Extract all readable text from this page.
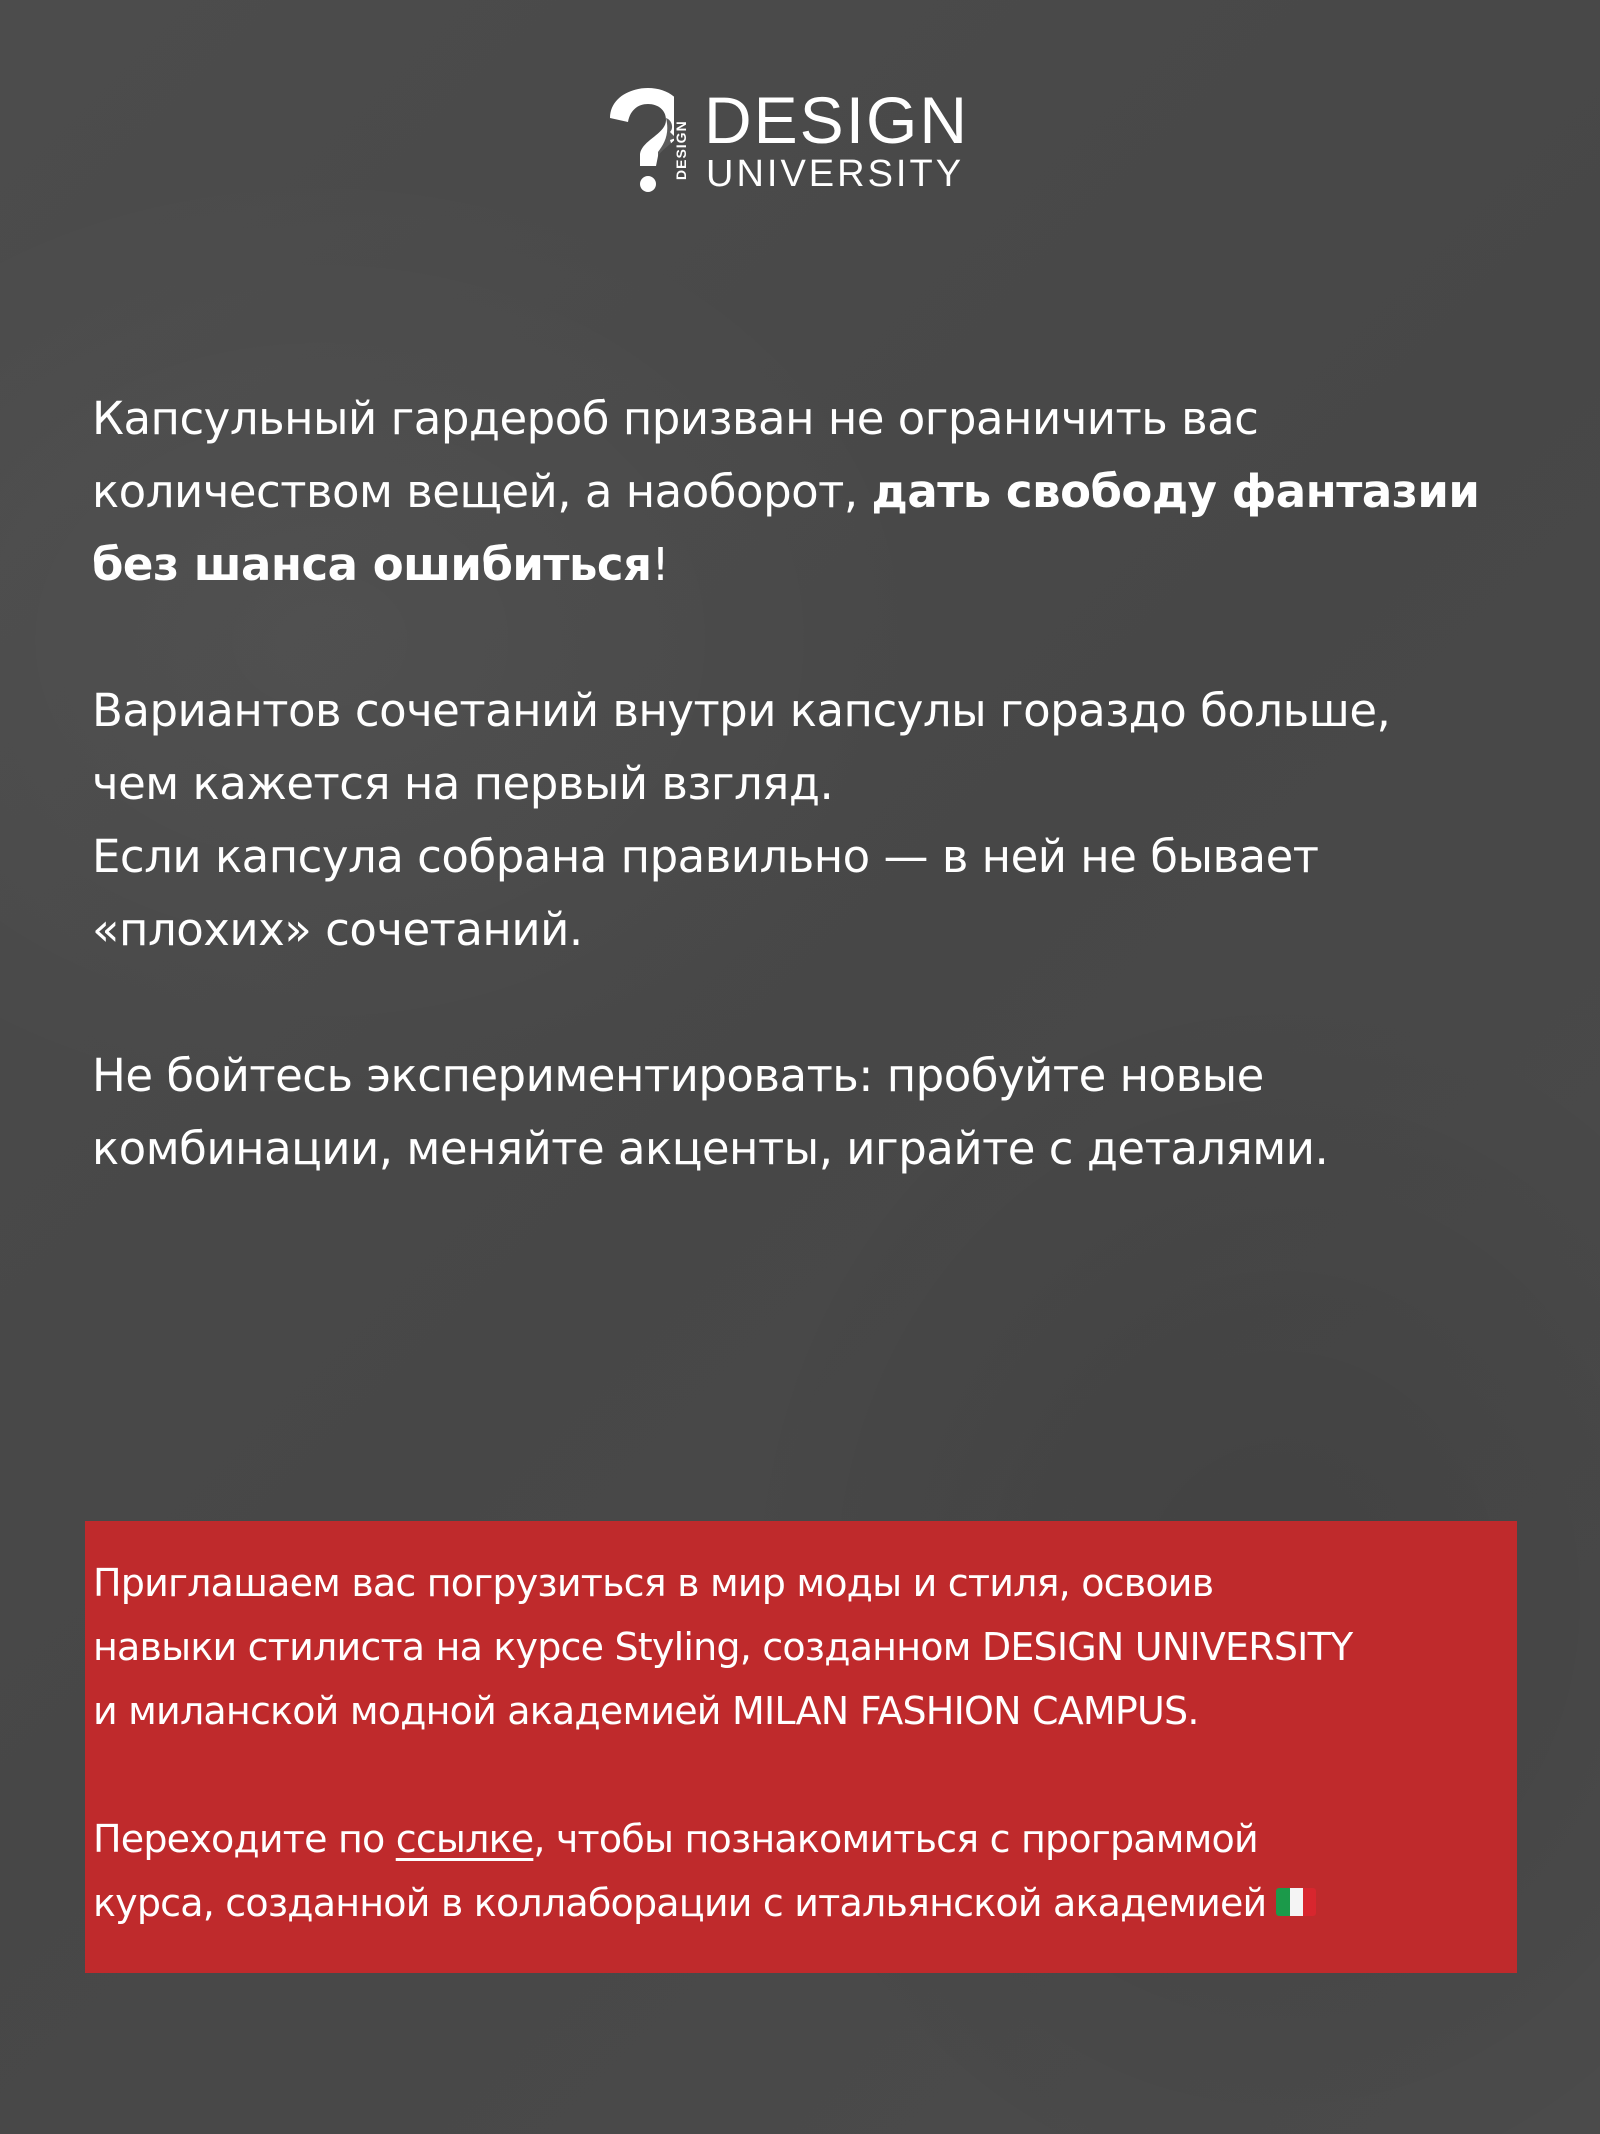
DESIGN DESIGN
UNIVERSITY

Капсульный гардероб призван не ограничить вас
количеством вещей, а наоборот, дать свободу фантазии
без шанса ошибиться!

Вариантов сочетаний внутри капсулы гораздо больше,
чем кажется на первый взгляд.
Если капсула собрана правильно — в ней не бывает
«плохих» сочетаний.

Не бойтесь экспериментировать: пробуйте новые
комбинации, меняйте акценты, играйте с деталями.

Приглашаем вас погрузиться в мир моды и стиля, освоив
навыки стилиста на курсе Styling, созданном DESIGN UNIVERSITY
и миланской модной академией MILAN FASHION CAMPUS.

Переходите по ссылке, чтобы познакомиться с программой
курса, созданной в коллаборации с итальянской академией
